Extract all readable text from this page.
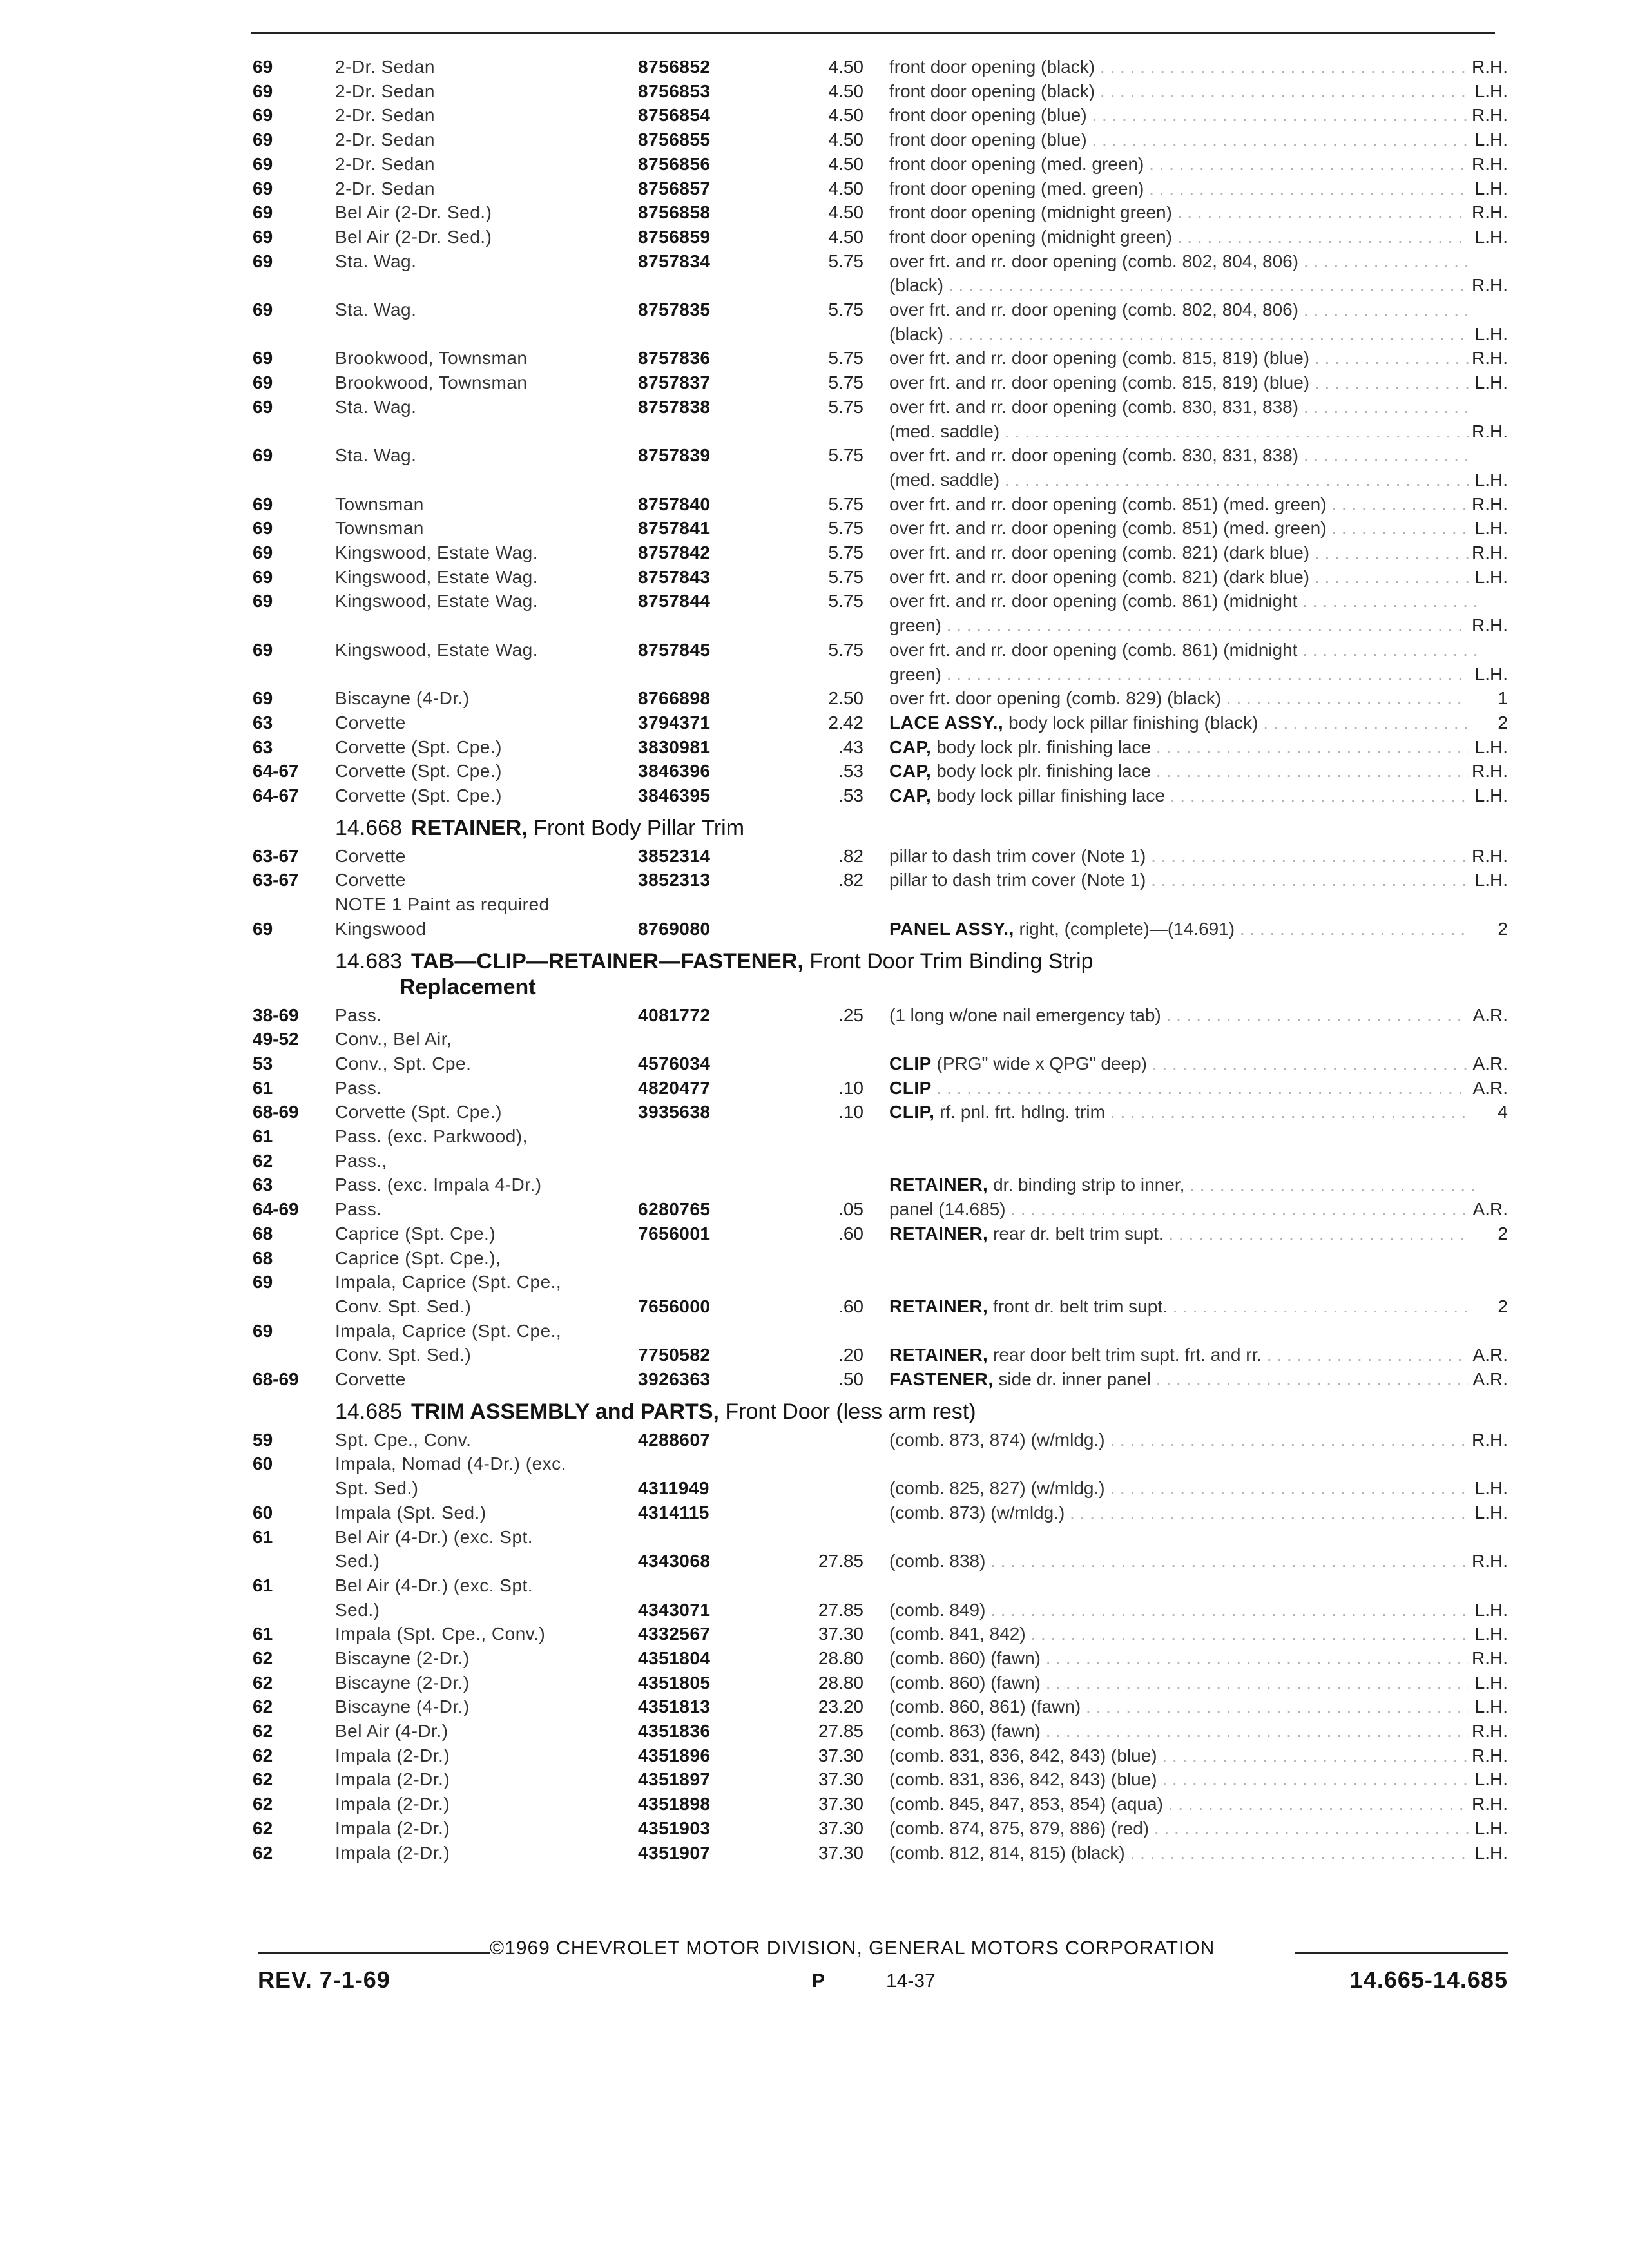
69	2-Dr. Sedan	8756852	4.50 front door opening (black) . . .	R.H.
69	2-Dr. Sedan	8756853	4.50 front door opening (black) . . .	L.H.
69	2-Dr. Sedan	8756854	4.50 front door opening (blue) . . .	R.H.
69	2-Dr. Sedan	8756855	4.50 front door opening (blue) . . .	L.H.
69	2-Dr. Sedan	8756856	4.50 front door opening (med. green) . . .	R.H.
69	2-Dr. Sedan	8756857	4.50 front door opening (med. green) . . .	L.H.
69	Bel Air (2-Dr. Sed.)	8756858	4.50 front door opening (midnight green) . . .	R.H.
69	Bel Air (2-Dr. Sed.)	8756859	4.50 front door opening (midnight green) . . .	L.H.
69	Sta. Wag.	8757834	5.75 over frt. and rr. door opening (comb. 802, 804, 806) . . .
(black) . . .	R.H.
69	Sta. Wag.	8757835	5.75 over frt. and rr. door opening (comb. 802, 804, 806) . . .
(black) . . .	L.H.
69	Brookwood, Townsman	8757836	5.75 over frt. and rr. door opening (comb. 815, 819) (blue) . . .	R.H.
69	Brookwood, Townsman	8757837	5.75 over frt. and rr. door opening (comb. 815, 819) (blue) . . .	L.H.
69	Sta. Wag.	8757838	5.75 over frt. and rr. door opening (comb. 830, 831, 838) . . .
(med. saddle) . . .	R.H.
69	Sta. Wag.	8757839	5.75 over frt. and rr. door opening (comb. 830, 831, 838) . . .
(med. saddle) . . .	L.H.
69	Townsman	8757840	5.75 over frt. and rr. door opening (comb. 851) (med. green) . . .	R.H.
69	Townsman	8757841	5.75 over frt. and rr. door opening (comb. 851) (med. green) . . .	L.H.
69	Kingswood, Estate Wag.	8757842	5.75 over frt. and rr. door opening (comb. 821) (dark blue) . . .	R.H.
69	Kingswood, Estate Wag.	8757843	5.75 over frt. and rr. door opening (comb. 821) (dark blue) . . .	L.H.
69	Kingswood, Estate Wag.	8757844	5.75 over frt. and rr. door opening (comb. 861) (midnight . . .
green) . . .	R.H.
69	Kingswood, Estate Wag.	8757845	5.75 over frt. and rr. door opening (comb. 861) (midnight . . .
green) . . .	L.H.
69	Biscayne (4-Dr.)	8766898	2.50 over frt. door opening (comb. 829) (black) . . .	1
63	Corvette	3794371	2.42 LACE ASSY., body lock pillar finishing (black) . . .	2
63	Corvette (Spt. Cpe.)	3830981	.43 CAP, body lock plr. finishing lace . . .	L.H.
64-67 Corvette (Spt. Cpe.)	3846396	.53 CAP, body lock plr. finishing lace . . .	R.H.
64-67 Corvette (Spt. Cpe.)	3846395	.53 CAP, body lock pillar finishing lace . . .	L.H.
14.668 RETAINER, Front Body Pillar Trim
63-67 Corvette	3852314	.82 pillar to dash trim cover (Note 1) . . .	R.H.
63-67 Corvette	3852313	.82 pillar to dash trim cover (Note 1) . . .	L.H.
NOTE 1 Paint as required
69	Kingswood	8769080	PANEL ASSY., right, (complete)—(14.691) . . .	2
14.683 TAB—CLIP—RETAINER—FASTENER, Front Door Trim Binding Strip
Replacement
38-69 Pass.	4081772	.25 (1 long w/one nail emergency tab) . . .	A.R.
49-52 Conv., Bel Air,
53	Conv., Spt. Cpe.	4576034	CLIP (PRG" wide x QPG" deep) . . .	A.R.
61	Pass.	4820477	.10 CLIP . . .	A.R.
68-69 Corvette (Spt. Cpe.)	3935638	.10 CLIP, rf. pnl. frt. hdlng. trim . . .	4
61	Pass. (exc. Parkwood),
62	Pass.,
63	Pass. (exc. Impala 4-Dr.)	RETAINER, dr. binding strip to inner, . . .
64-69 Pass.	6280765	.05 panel (14.685) . . .	A.R.
68	Caprice (Spt. Cpe.)	7656001	.60 RETAINER, rear dr. belt trim supt. . . .	2
68	Caprice (Spt. Cpe.),
69	Impala, Caprice (Spt. Cpe.,
Conv. Spt. Sed.)	7656000	.60 RETAINER, front dr. belt trim supt. . . .	2
69	Impala, Caprice (Spt. Cpe.,
Conv. Spt. Sed.)	7750582	.20 RETAINER, rear door belt trim supt. frt. and rr. . . .	A.R.
68-69 Corvette	3926363	.50 FASTENER, side dr. inner panel . . .	A.R.
14.685 TRIM ASSEMBLY and PARTS, Front Door (less arm rest)
59	Spt. Cpe., Conv.	4288607	(comb. 873, 874) (w/mldg.) . . .	R.H.
60	Impala, Nomad (4-Dr.) (exc.
Spt. Sed.)	4311949	(comb. 825, 827) (w/mldg.) . . .	L.H.
60	Impala (Spt. Sed.)	4314115	(comb. 873) (w/mldg.) . . .	L.H.
61	Bel Air (4-Dr.) (exc. Spt.
Sed.)	4343068	27.85 (comb. 838) . . .	R.H.
61	Bel Air (4-Dr.) (exc. Spt.
Sed.)	4343071	27.85 (comb. 849) . . .	L.H.
61	Impala (Spt. Cpe., Conv.)	4332567	37.30 (comb. 841, 842) . . .	L.H.
62	Biscayne (2-Dr.)	4351804	28.80 (comb. 860) (fawn) . . .	R.H.
62	Biscayne (2-Dr.)	4351805	28.80 (comb. 860) (fawn) . . .	L.H.
62	Biscayne (4-Dr.)	4351813	23.20 (comb. 860, 861) (fawn) . . .	L.H.
62	Bel Air (4-Dr.)	4351836	27.85 (comb. 863) (fawn) . . .	R.H.
62	Impala (2-Dr.)	4351896	37.30 (comb. 831, 836, 842, 843) (blue) . . .	R.H.
62	Impala (2-Dr.)	4351897	37.30 (comb. 831, 836, 842, 843) (blue) . . .	L.H.
62	Impala (2-Dr.)	4351898	37.30 (comb. 845, 847, 853, 854) (aqua) . . .	R.H.
62	Impala (2-Dr.)	4351903	37.30 (comb. 874, 875, 879, 886) (red) . . .	L.H.
62	Impala (2-Dr.)	4351907	37.30 (comb. 812, 814, 815) (black) . . .	L.H.
©1969 CHEVROLET MOTOR DIVISION, GENERAL MOTORS CORPORATION
REV. 7-1-69	P	14-37	14.665-14.685
